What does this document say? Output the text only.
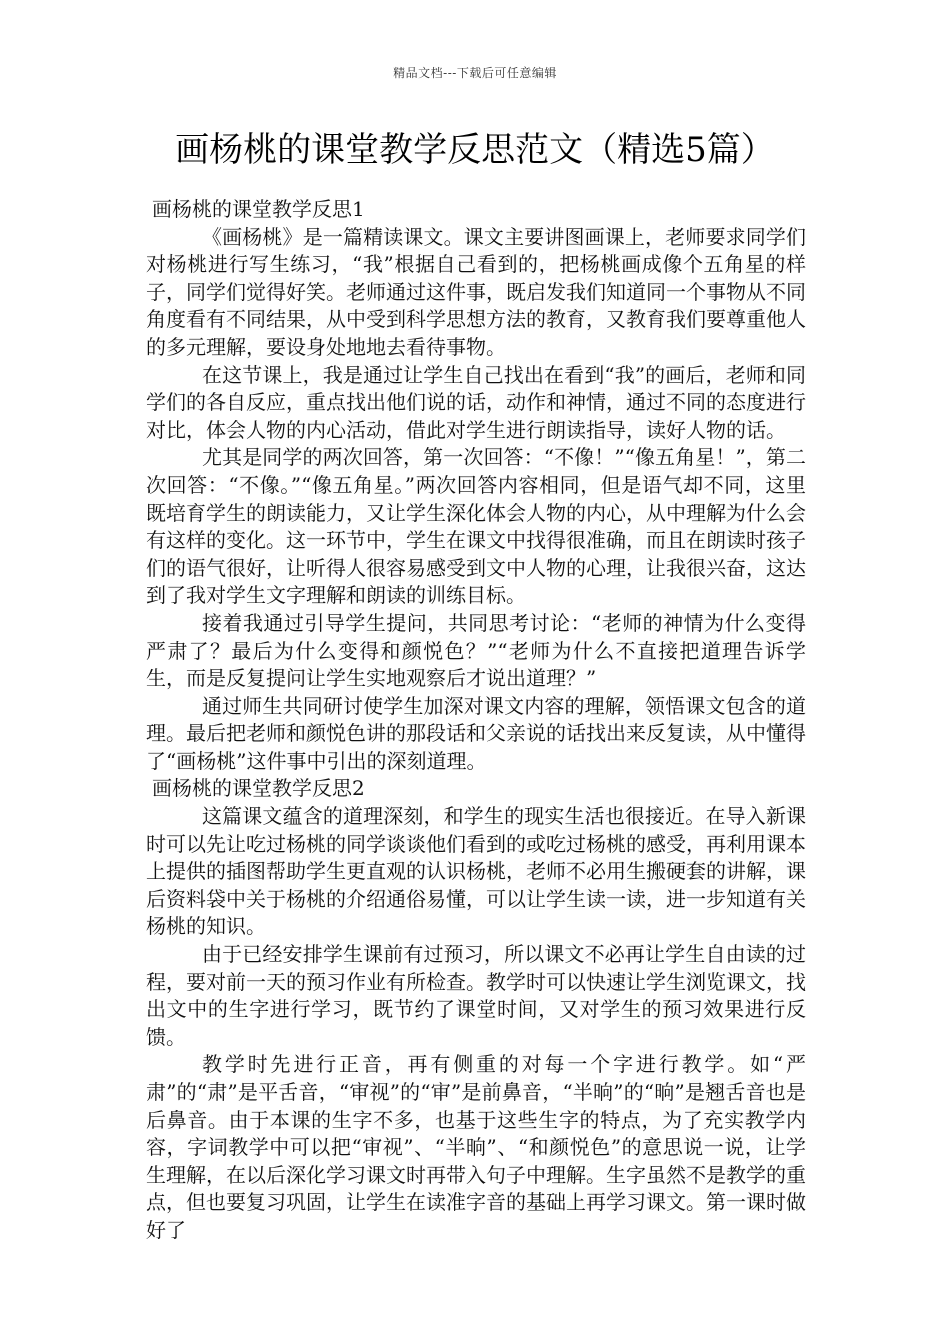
精品文档---下载后可任意编辑
画杨桃的课堂教学反思范文（精选5篇）

画杨桃的课堂教学反思1

《画杨桃》是一篇精读课文。课文主要讲图画课上，老师要求同学们对杨桃进行写生练习，“我”根据自己看到的，把杨桃画成像个五角星的样子，同学们觉得好笑。老师通过这件事，既启发我们知道同一个事物从不同角度看有不同结果，从中受到科学思想方法的教育，又教育我们要尊重他人的多元理解，要设身处地地去看待事物。

在这节课上，我是通过让学生自己找出在看到“我”的画后，老师和同学们的各自反应，重点找出他们说的话，动作和神情，通过不同的态度进行对比，体会人物的内心活动，借此对学生进行朗读指导，读好人物的话。

尤其是同学的两次回答，第一次回答：“不像！”“像五角星！”，第二次回答：“不像。”“像五角星。”两次回答内容相同，但是语气却不同，这里既培育学生的朗读能力，又让学生深化体会人物的内心，从中理解为什么会有这样的变化。这一环节中，学生在课文中找得很准确，而且在朗读时孩子们的语气很好，让听得人很容易感受到文中人物的心理，让我很兴奋，这达到了我对学生文字理解和朗读的训练目标。

接着我通过引导学生提问，共同思考讨论：“老师的神情为什么变得严肃了？最后为什么变得和颜悦色？”“老师为什么不直接把道理告诉学生，而是反复提问让学生实地观察后才说出道理？”

通过师生共同研讨使学生加深对课文内容的理解，领悟课文包含的道理。最后把老师和颜悦色讲的那段话和父亲说的话找出来反复读，从中懂得了“画杨桃”这件事中引出的深刻道理。

画杨桃的课堂教学反思2

这篇课文蕴含的道理深刻，和学生的现实生活也很接近。在导入新课时可以先让吃过杨桃的同学谈谈他们看到的或吃过杨桃的感受，再利用课本上提供的插图帮助学生更直观的认识杨桃，老师不必用生搬硬套的讲解，课后资料袋中关于杨桃的介绍通俗易懂，可以让学生读一读，进一步知道有关杨桃的知识。

由于已经安排学生课前有过预习，所以课文不必再让学生自由读的过程，要对前一天的预习作业有所检查。教学时可以快速让学生浏览课文，找出文中的生字进行学习，既节约了课堂时间，又对学生的预习效果进行反馈。

教学时先进行正音，再有侧重的对每一个字进行教学。如“严肃”的“肃”是平舌音，“审视”的“审”是前鼻音，“半晌”的“晌”是翘舌音也是后鼻音。由于本课的生字不多，也基于这些生字的特点，为了充实教学内容，字词教学中可以把“审视”、“半晌”、“和颜悦色”的意思说一说，让学生理解，在以后深化学习课文时再带入句子中理解。生字虽然不是教学的重点，但也要复习巩固，让学生在读准字音的基础上再学习课文。第一课时做好了
